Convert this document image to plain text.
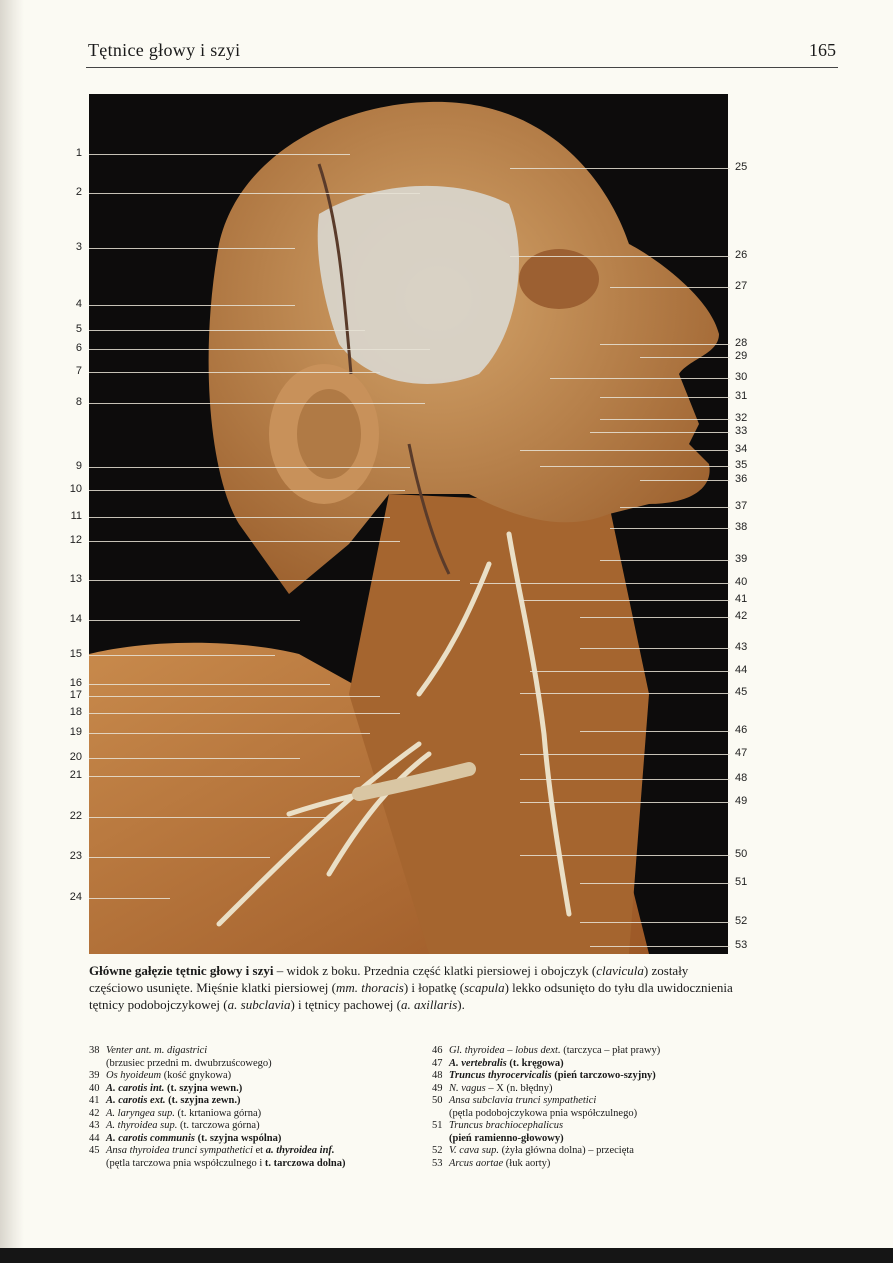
Tętnice głowy i szyi	165
1
2
3
4
5
6
7
8
9
10
11
12
13
14
15
16
17
18
19
20
21
22
23
24
25
26
27
28
29
30
31
32
33
34
35
36
37
38
39
40
41
42
43
44
45
46
47
48
49
50
51
52
53
Główne gałęzie tętnic głowy i szyi – widok z boku. Przednia część klatki piersiowej i obojczyk (clavicula) zostały częściowo usunięte. Mięśnie klatki piersiowej (mm. thoracis) i łopatkę (scapula) lekko odsunięto do tyłu dla uwidocznienia tętnicy podobojczykowej (a. subclavia) i tętnicy pachowej (a. axillaris).
38 Venter ant. m. digastrici
(brzusiec przedni m. dwubrzuścowego)
39 Os hyoideum (kość gnykowa)
40 A. carotis int. (t. szyjna wewn.)
41 A. carotis ext. (t. szyjna zewn.)
42 A. laryngea sup. (t. krtaniowa górna)
43 A. thyroidea sup. (t. tarczowa górna)
44 A. carotis communis (t. szyjna wspólna)
45 Ansa thyroidea trunci sympathetici et a. thyroidea inf.
(pętla tarczowa pnia współczulnego i t. tarczowa dolna)
46 Gl. thyroidea – lobus dext. (tarczyca – płat prawy)
47 A. vertebralis (t. kręgowa)
48 Truncus thyrocervicalis (pień tarczowo-szyjny)
49 N. vagus – X (n. błędny)
50 Ansa subclavia trunci sympathetici
(pętla podobojczykowa pnia współczulnego)
51 Truncus brachiocephalicus
(pień ramienno-głowowy)
52 V. cava sup. (żyła główna dolna) – przecięta
53 Arcus aortae (łuk aorty)
